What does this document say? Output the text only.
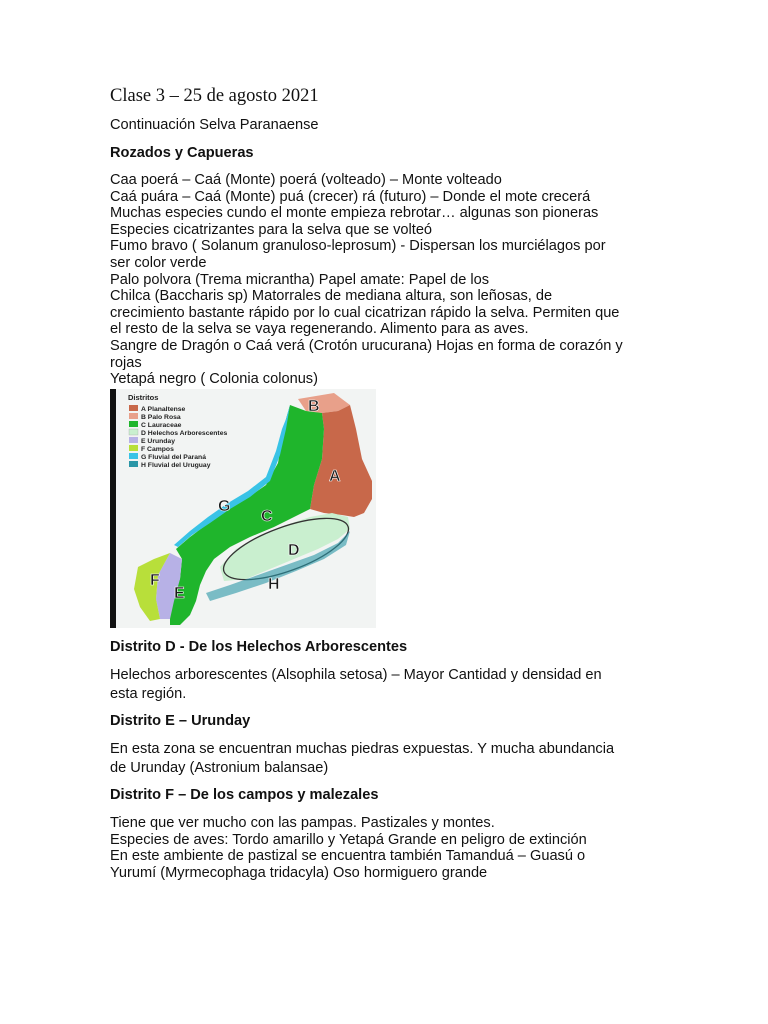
Clase 3 – 25 de agosto 2021
Continuación Selva Paranaense
Rozados y Capueras
Caa poerá – Caá (Monte) poerá (volteado) – Monte volteado
Caá puára – Caá (Monte) puá (crecer) rá (futuro) – Donde el mote crecerá
Muchas especies cundo el monte empieza rebrotar… algunas son pioneras
Especies cicatrizantes para la selva que se volteó
Fumo bravo ( Solanum granuloso-leprosum) - Dispersan los murciélagos por
ser color verde
Palo polvora (Trema micrantha) Papel amate: Papel de los
Chilca (Baccharis sp) Matorrales de mediana altura, son leñosas, de
crecimiento bastante rápido por lo cual cicatrizan rápido la selva. Permiten que
el resto de la selva se vaya regenerando. Alimento para as aves.
Sangre de Dragón o Caá verá (Crotón urucurana) Hojas en forma de corazón y
rojas
Yetapá negro ( Colonia colonus)
Distritos
A Planaltense
B Palo Rosa
C Lauraceae
D Helechos Arborescentes
E Urunday
F Campos
G Fluvial del Paraná
H Fluvial del Uruguay
B
A
G
C
D
H
F
E
Distrito D - De los Helechos Arborescentes
Helechos arborescentes (Alsophila setosa) – Mayor Cantidad y densidad en
esta región.
Distrito E – Urunday
En esta zona se encuentran muchas piedras expuestas. Y mucha abundancia
de Urunday (Astronium balansae)
Distrito F – De los campos y malezales
Tiene que ver mucho con las pampas. Pastizales y montes.
Especies de aves: Tordo amarillo y Yetapá Grande en peligro de extinción
En este ambiente de pastizal se encuentra también Tamanduá – Guasú o
Yurumí (Myrmecophaga tridacyla) Oso hormiguero grande
